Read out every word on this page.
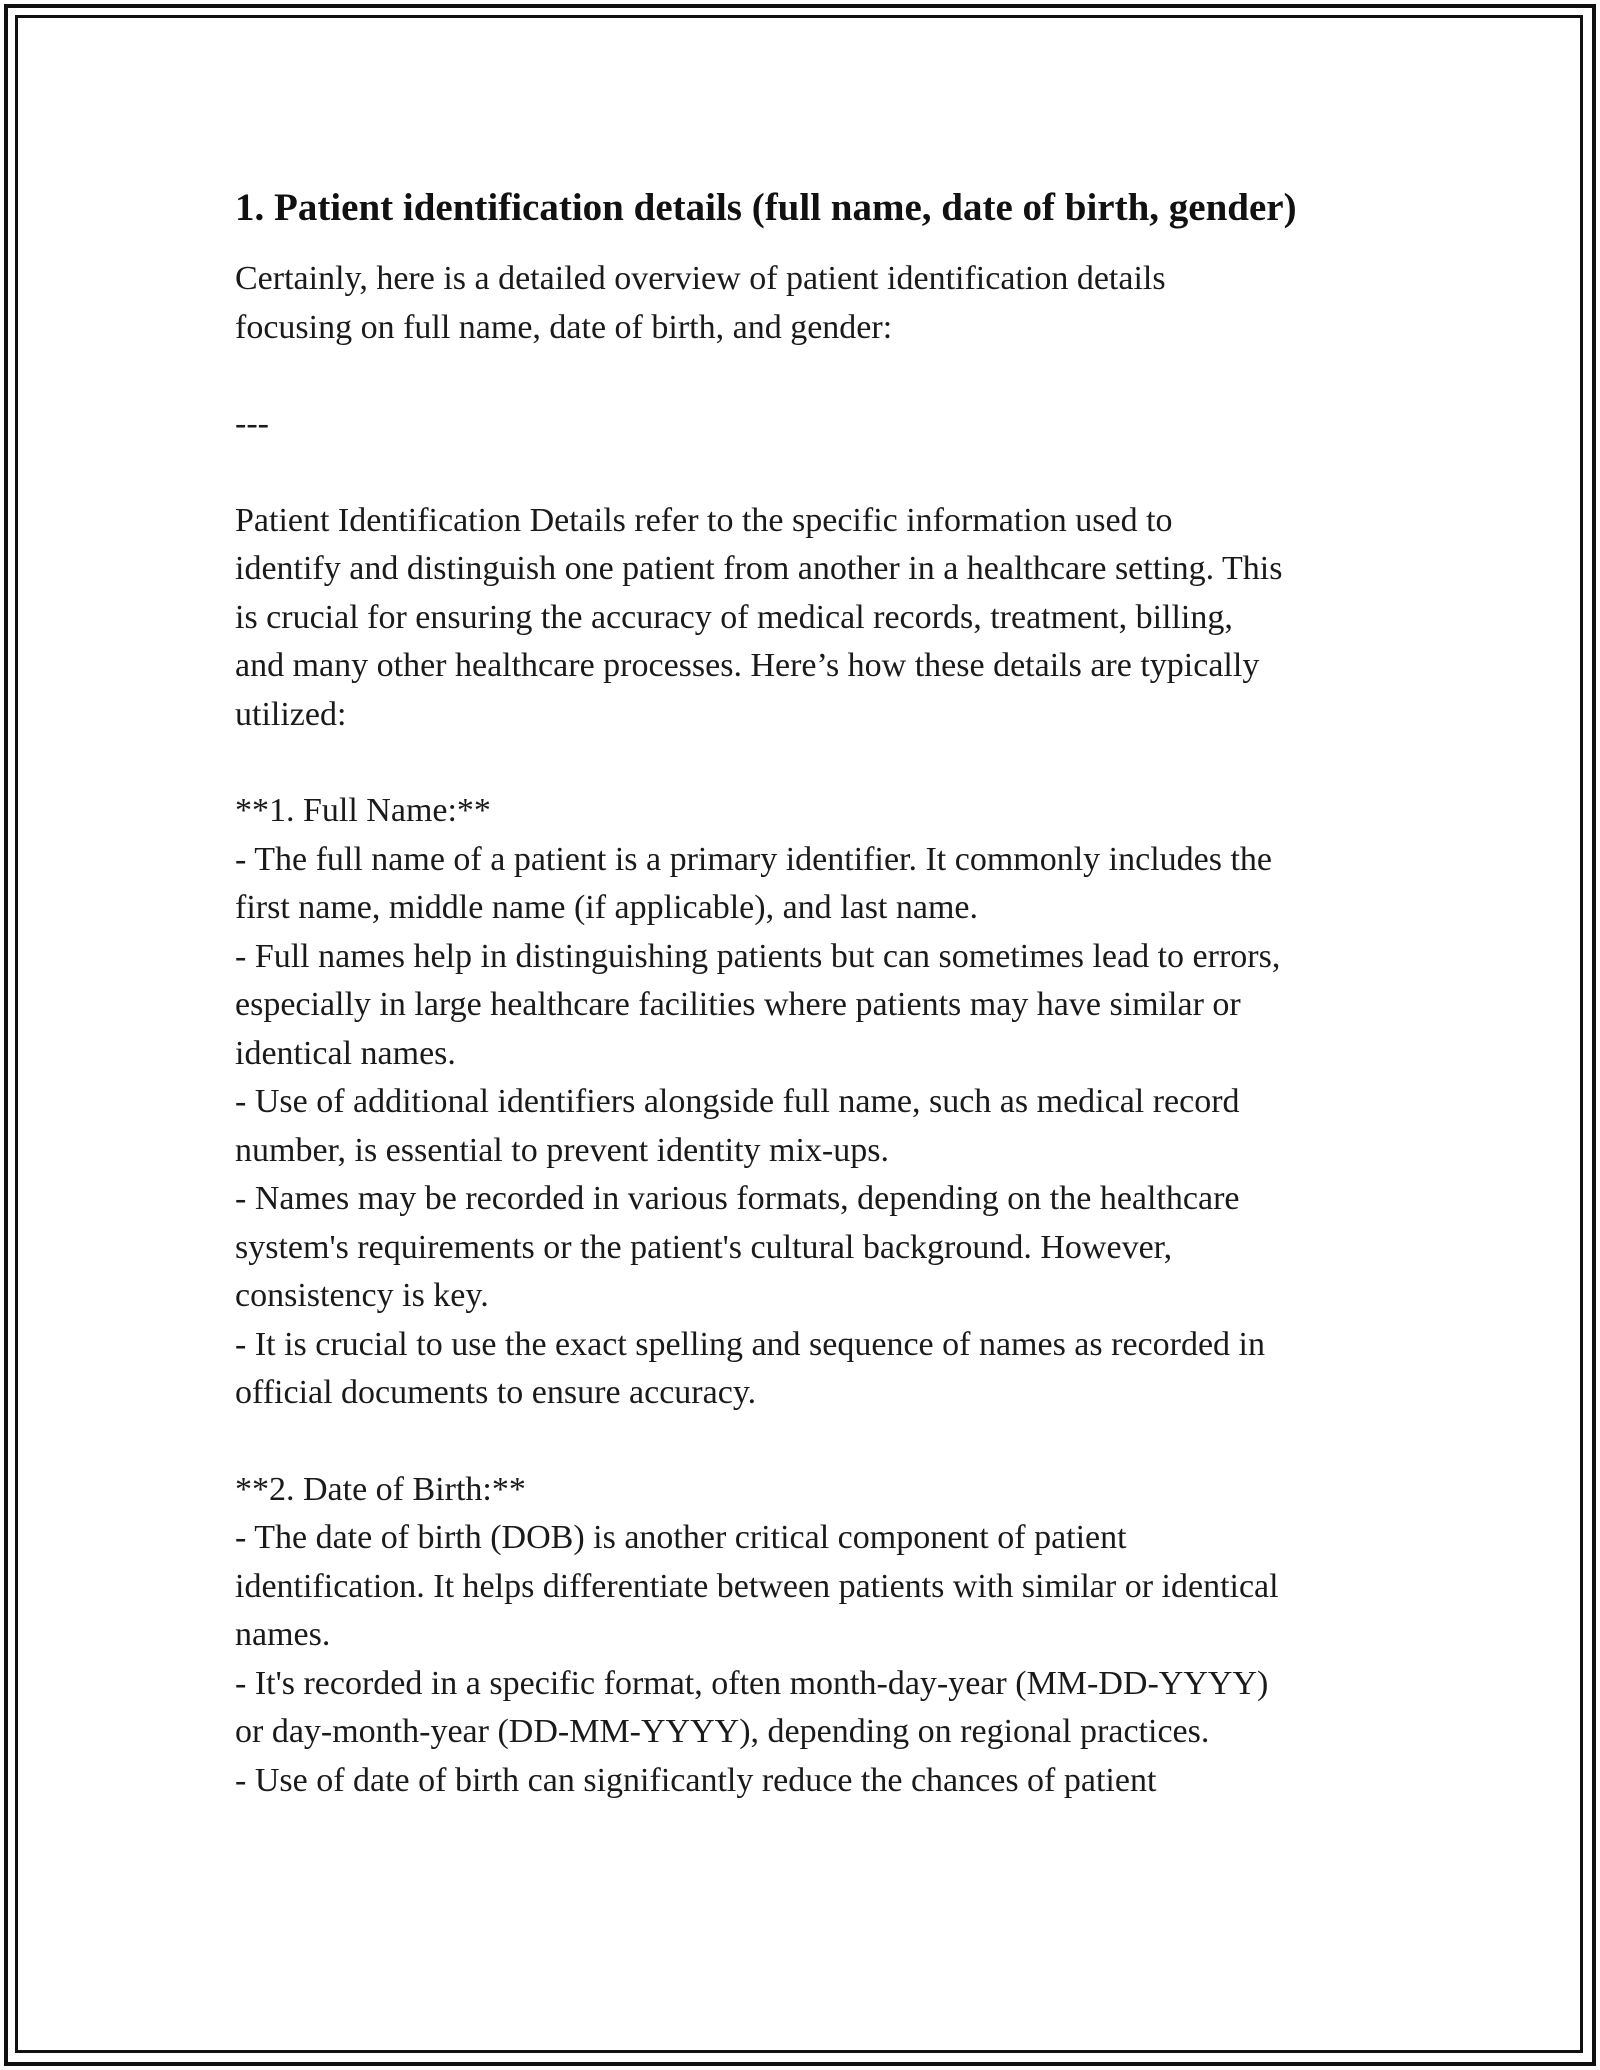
1. Patient identification details (full name, date of birth, gender)

Certainly, here is a detailed overview of patient identification details
focusing on full name, date of birth, and gender:

---

Patient Identification Details refer to the specific information used to
identify and distinguish one patient from another in a healthcare setting. This
is crucial for ensuring the accuracy of medical records, treatment, billing,
and many other healthcare processes. Here’s how these details are typically
utilized:

**1. Full Name:**
- The full name of a patient is a primary identifier. It commonly includes the
first name, middle name (if applicable), and last name.
- Full names help in distinguishing patients but can sometimes lead to errors,
especially in large healthcare facilities where patients may have similar or
identical names.
- Use of additional identifiers alongside full name, such as medical record
number, is essential to prevent identity mix-ups.
- Names may be recorded in various formats, depending on the healthcare
system's requirements or the patient's cultural background. However,
consistency is key.
- It is crucial to use the exact spelling and sequence of names as recorded in
official documents to ensure accuracy.

**2. Date of Birth:**
- The date of birth (DOB) is another critical component of patient
identification. It helps differentiate between patients with similar or identical
names.
- It's recorded in a specific format, often month-day-year (MM-DD-YYYY)
or day-month-year (DD-MM-YYYY), depending on regional practices.
- Use of date of birth can significantly reduce the chances of patient
